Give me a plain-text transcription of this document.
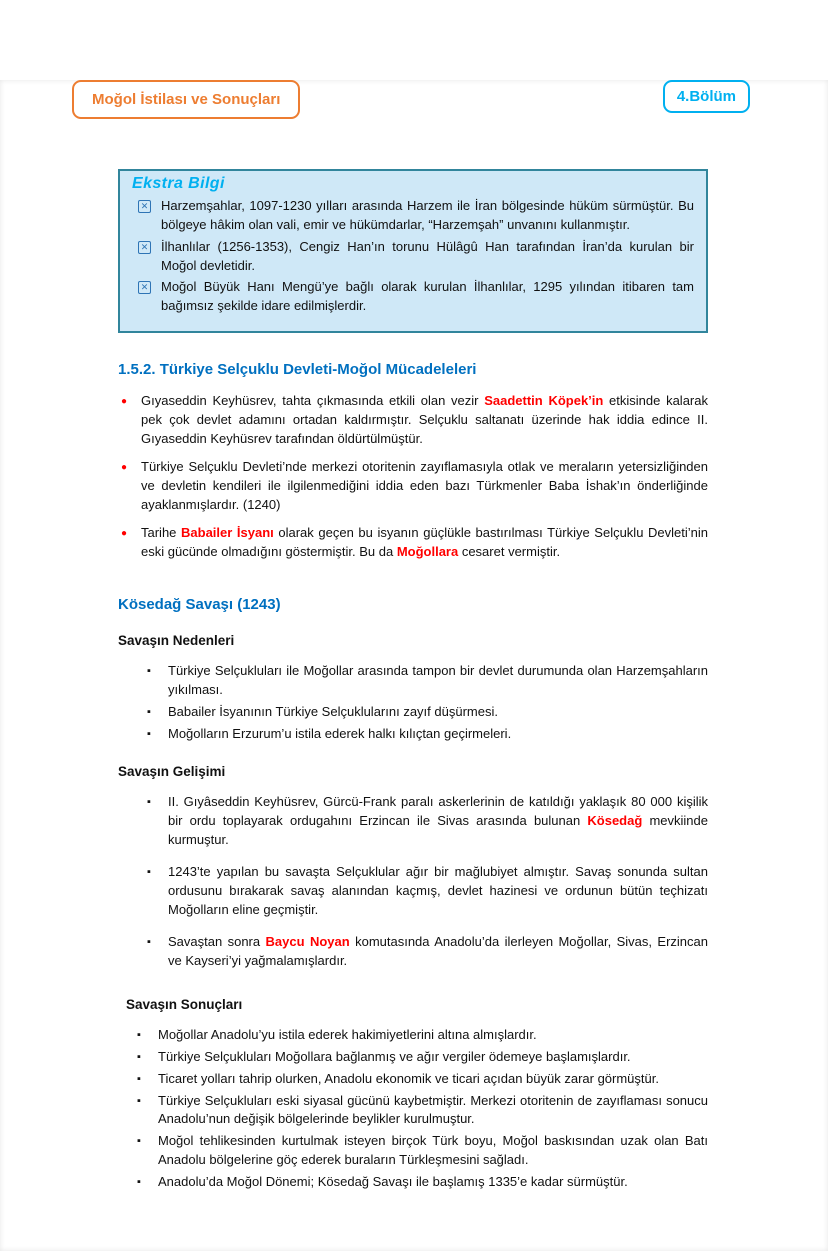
Moğol İstilası ve Sonuçları	4.Bölüm
Ekstra Bilgi
✕ Harzemşahlar, 1097-1230 yılları arasında Harzem ile İran bölgesinde hüküm sürmüştür. Bu bölgeye hâkim olan vali, emir ve hükümdarlar, “Harzemşah” unvanını kullanmıştır.
✕ İlhanlılar (1256-1353), Cengiz Han’ın torunu Hülâgû Han tarafından İran’da kurulan bir Moğol devletidir.
✕ Moğol Büyük Hanı Mengü’ye bağlı olarak kurulan İlhanlılar, 1295 yılından itibaren tam bağımsız şekilde idare edilmişlerdir.
1.5.2. Türkiye Selçuklu Devleti-Moğol Mücadeleleri
●	Gıyaseddin Keyhüsrev, tahta çıkmasında etkili olan vezir Saadettin Köpek’in etkisinde kalarak pek çok devlet adamını ortadan kaldırmıştır. Selçuklu saltanatı üzerinde hak iddia edince II. Gıyaseddin Keyhüsrev tarafından öldürtülmüştür.
●	Türkiye Selçuklu Devleti’nde merkezi otoritenin zayıflamasıyla otlak ve meraların yetersizliğinden ve devletin kendileri ile ilgilenmediğini iddia eden bazı Türkmenler Baba İshak’ın önderliğinde ayaklanmışlardır. (1240)
●	Tarihe Babailer İsyanı olarak geçen bu isyanın güçlükle bastırılması Türkiye Selçuklu Devleti’nin eski gücünde olmadığını göstermiştir. Bu da Moğollara cesaret vermiştir.
Kösedağ Savaşı (1243)
Savaşın Nedenleri
▪	Türkiye Selçukluları ile Moğollar arasında tampon bir devlet durumunda olan Harzemşahların yıkılması.
▪	Babailer İsyanının Türkiye Selçuklularını zayıf düşürmesi.
▪	Moğolların Erzurum’u istila ederek halkı kılıçtan geçirmeleri.
Savaşın Gelişimi
▪	II. Gıyâseddin Keyhüsrev, Gürcü-Frank paralı askerlerinin de katıldığı yaklaşık 80 000 kişilik bir ordu toplayarak ordugahını Erzincan ile Sivas arasında bulunan Kösedağ mevkiinde kurmuştur.
▪	1243’te yapılan bu savaşta Selçuklular ağır bir mağlubiyet almıştır. Savaş sonunda sultan ordusunu bırakarak savaş alanından kaçmış, devlet hazinesi ve ordunun bütün teçhizatı Moğolların eline geçmiştir.
▪	Savaştan sonra Baycu Noyan komutasında Anadolu’da ilerleyen Moğollar, Sivas, Erzincan ve Kayseri’yi yağmalamışlardır.
Savaşın Sonuçları
▪	Moğollar Anadolu’yu istila ederek hakimiyetlerini altına almışlardır.
▪	Türkiye Selçukluları Moğollara bağlanmış ve ağır vergiler ödemeye başlamışlardır.
▪	Ticaret yolları tahrip olurken, Anadolu ekonomik ve ticari açıdan büyük zarar görmüştür.
▪	Türkiye Selçukluları eski siyasal gücünü kaybetmiştir. Merkezi otoritenin de zayıflaması sonucu Anadolu’nun değişik bölgelerinde beylikler kurulmuştur.
▪	Moğol tehlikesinden kurtulmak isteyen birçok Türk boyu, Moğol baskısından uzak olan Batı Anadolu bölgelerine göç ederek buraların Türkleşmesini sağladı.
▪	Anadolu’da Moğol Dönemi; Kösedağ Savaşı ile başlamış 1335’e kadar sürmüştür.
